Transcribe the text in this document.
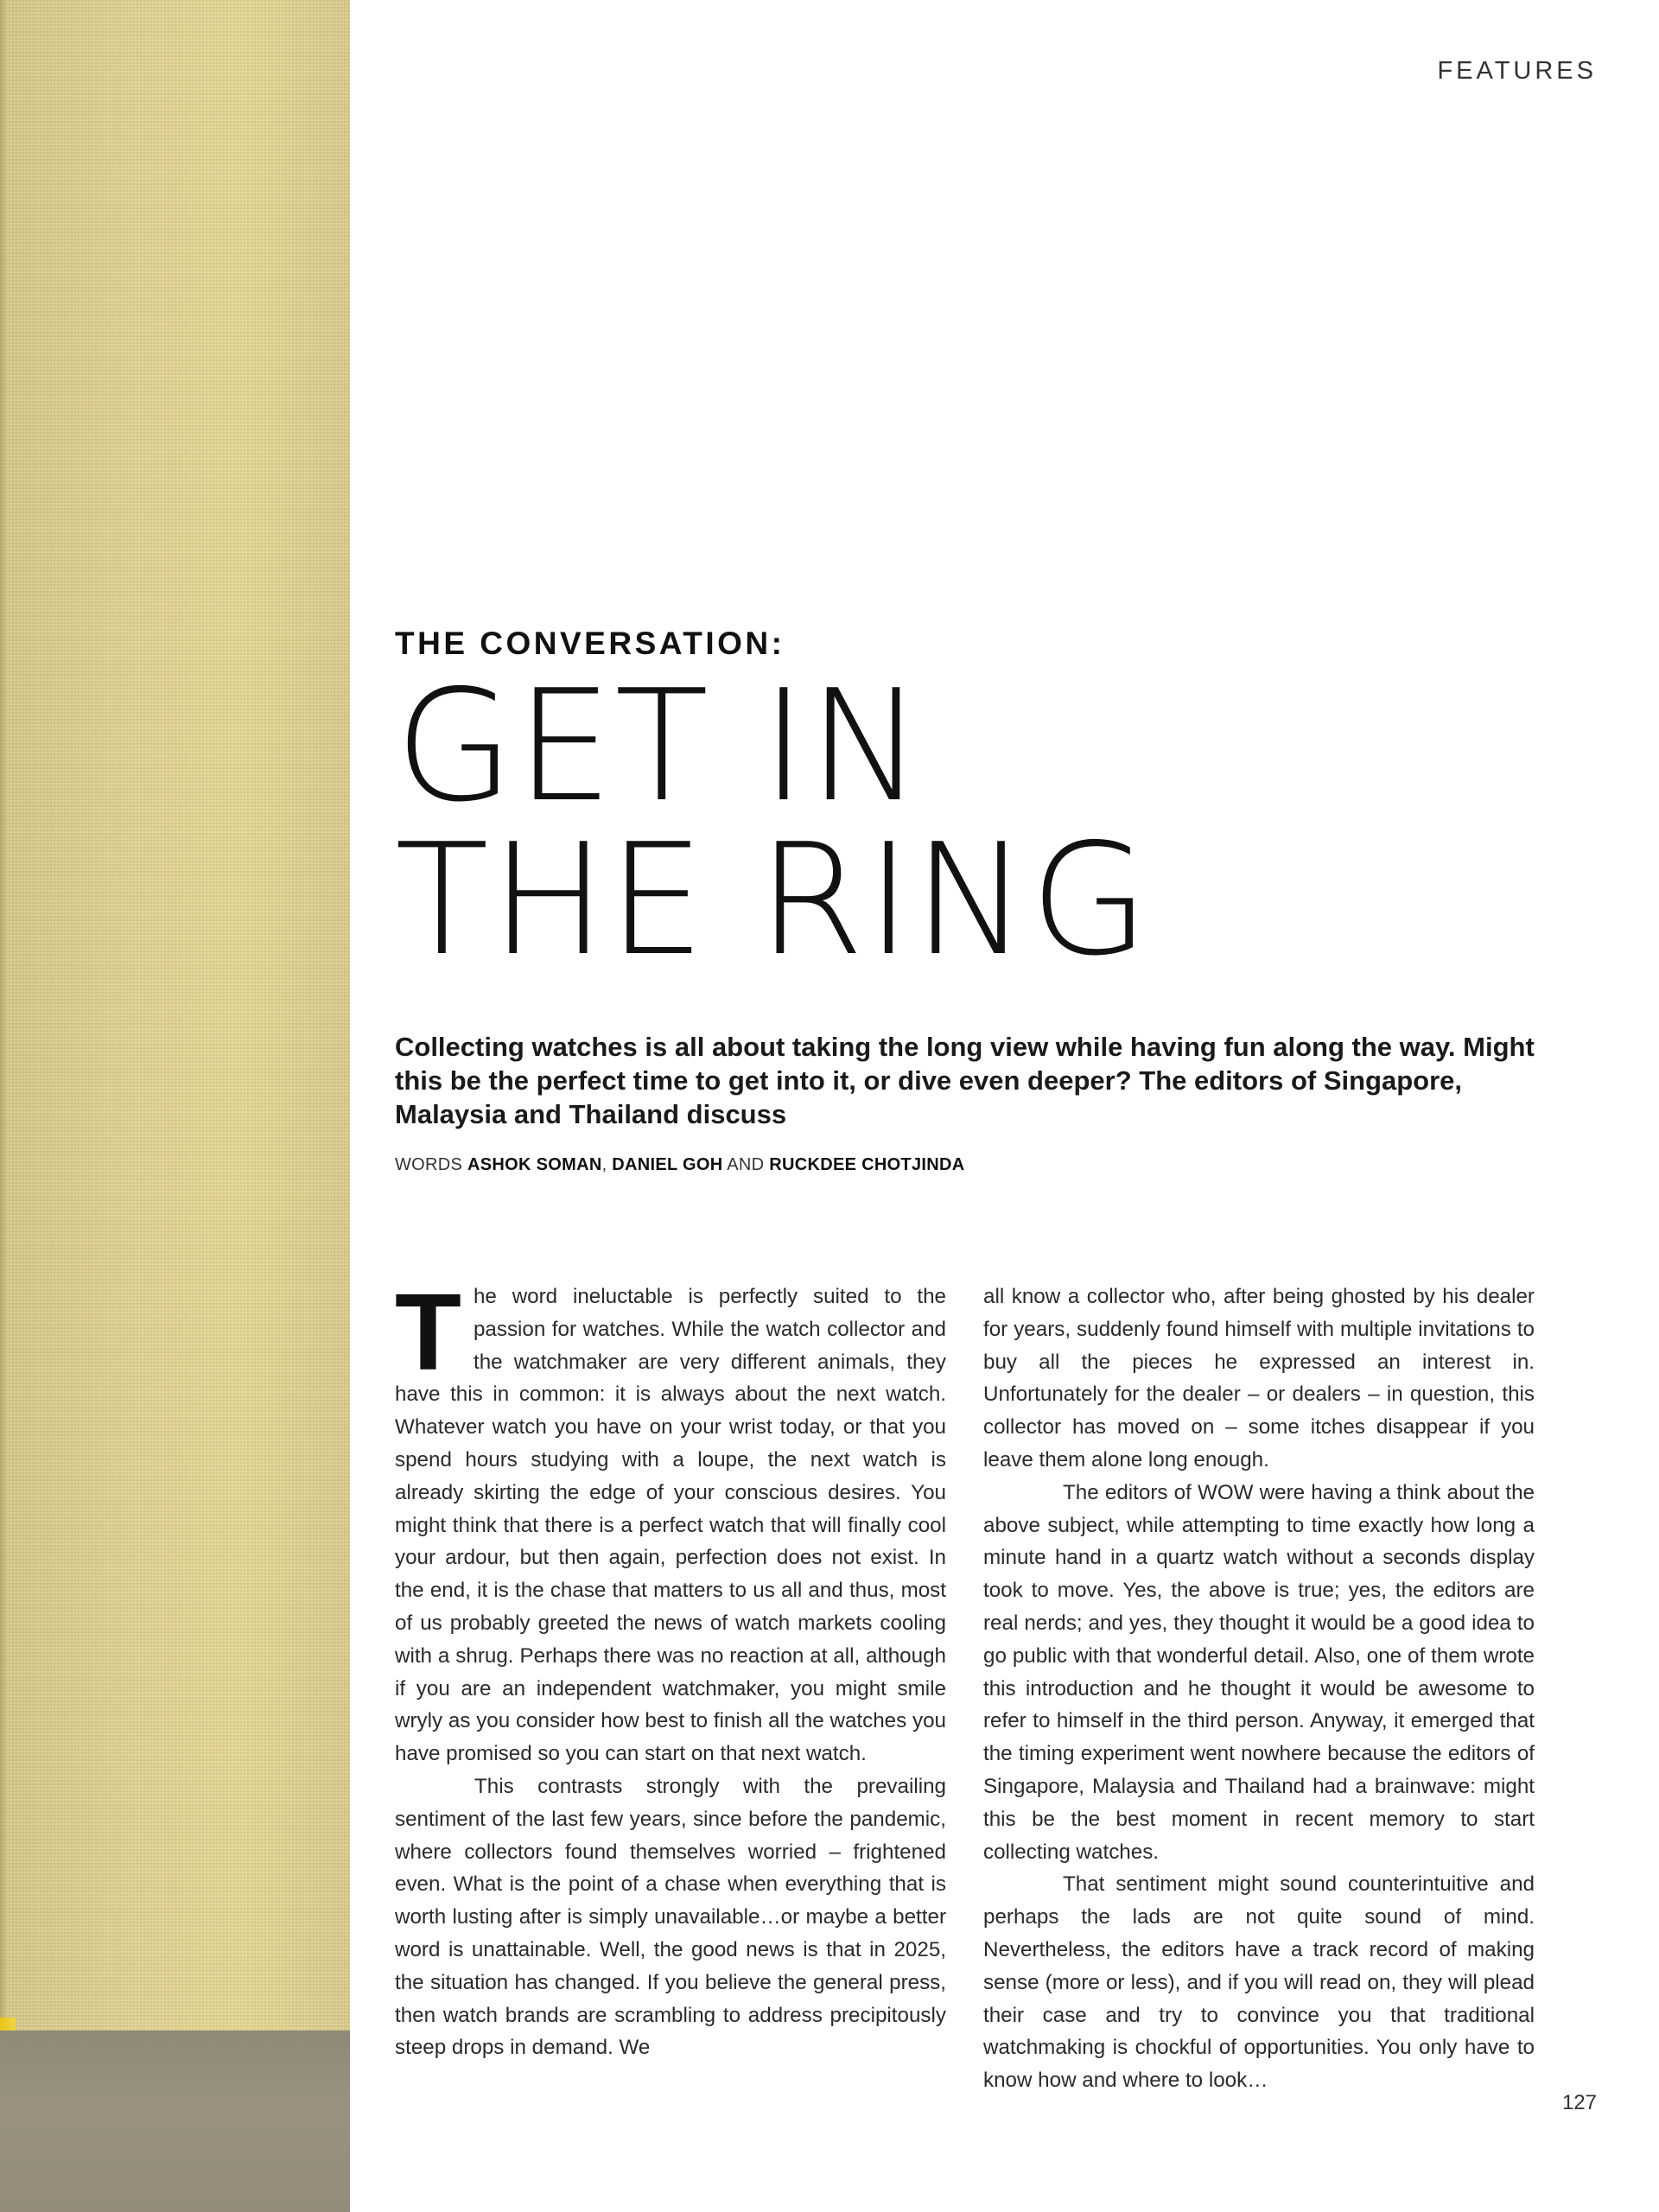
FEATURES
THE CONVERSATION:
GET IN
THE RING

Collecting watches is all about taking the long view while having fun along the way. Might this be the perfect time to get into it, or dive even deeper? The editors of Singapore, Malaysia and Thailand discuss

WORDS ASHOK SOMAN, DANIEL GOH AND RUCKDEE CHOTJINDA

The word ineluctable is perfectly suited to the passion for watches. While the watch collector and the watchmaker are very different animals, they have this in common: it is always about the next watch. Whatever watch you have on your wrist today, or that you spend hours studying with a loupe, the next watch is already skirting the edge of your conscious desires. You might think that there is a perfect watch that will finally cool your ardour, but then again, perfection does not exist. In the end, it is the chase that matters to us all and thus, most of us probably greeted the news of watch markets cooling with a shrug. Perhaps there was no reaction at all, although if you are an independent watchmaker, you might smile wryly as you consider how best to finish all the watches you have promised so you can start on that next watch.

This contrasts strongly with the prevailing sentiment of the last few years, since before the pandemic, where collectors found themselves worried – frightened even. What is the point of a chase when everything that is worth lusting after is simply unavailable…or maybe a better word is unattainable. Well, the good news is that in 2025, the situation has changed. If you believe the general press, then watch brands are scrambling to address precipitously steep drops in demand. We

all know a collector who, after being ghosted by his dealer for years, suddenly found himself with multiple invitations to buy all the pieces he expressed an interest in. Unfortunately for the dealer – or dealers – in question, this collector has moved on – some itches disappear if you leave them alone long enough.

The editors of WOW were having a think about the above subject, while attempting to time exactly how long a minute hand in a quartz watch without a seconds display took to move. Yes, the above is true; yes, the editors are real nerds; and yes, they thought it would be a good idea to go public with that wonderful detail. Also, one of them wrote this introduction and he thought it would be awesome to refer to himself in the third person. Anyway, it emerged that the timing experiment went nowhere because the editors of Singapore, Malaysia and Thailand had a brainwave: might this be the best moment in recent memory to start collecting watches.

That sentiment might sound counterintuitive and perhaps the lads are not quite sound of mind. Nevertheless, the editors have a track record of making sense (more or less), and if you will read on, they will plead their case and try to convince you that traditional watchmaking is chockful of opportunities. You only have to know how and where to look…

127
